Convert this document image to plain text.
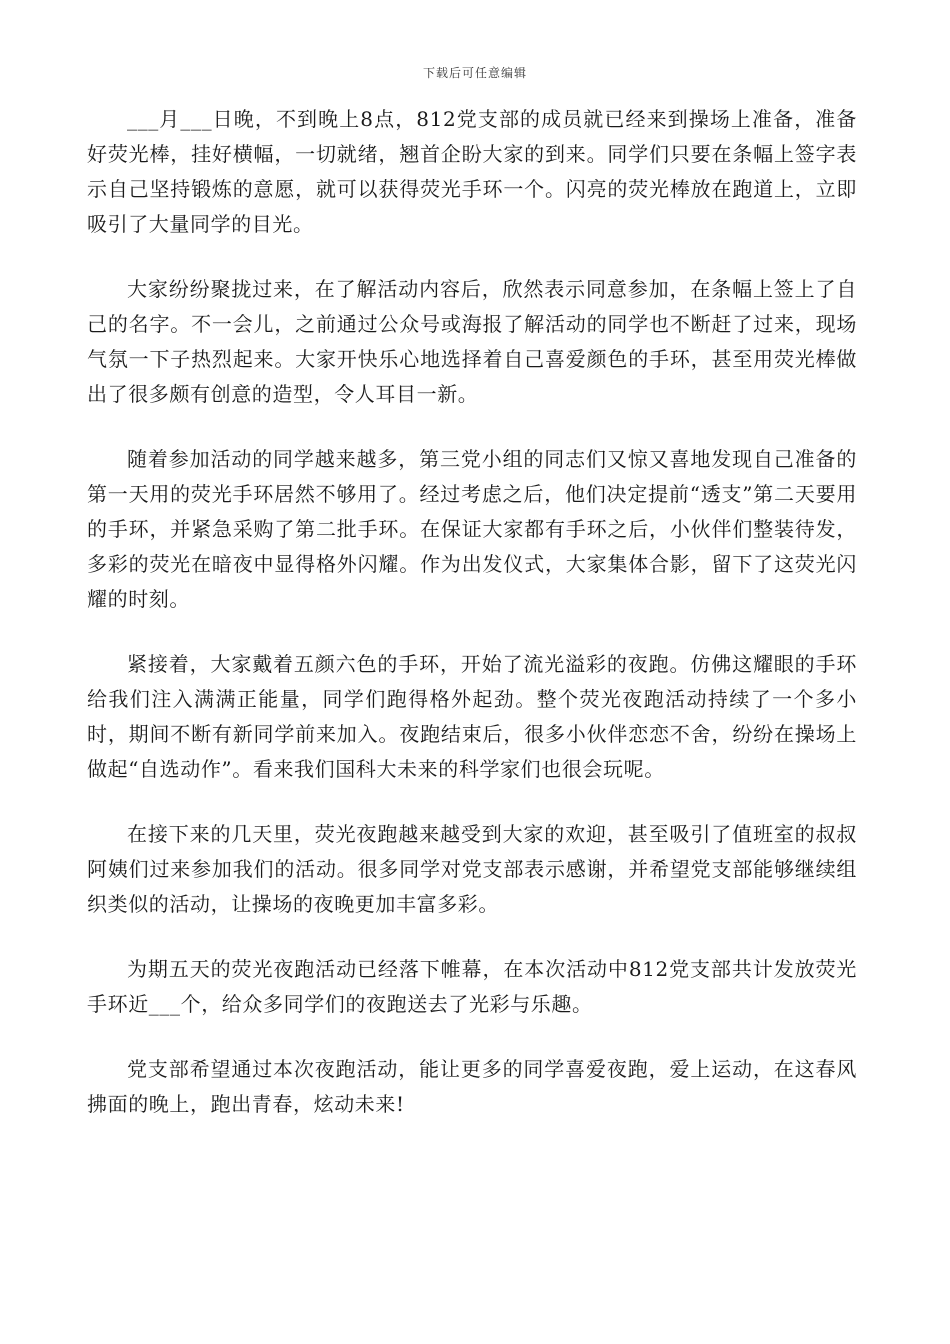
下载后可任意编辑

___月___日晚，不到晚上8点，812党支部的成员就已经来到操场上准备，准备好荧光棒，挂好横幅，一切就绪，翘首企盼大家的到来。同学们只要在条幅上签字表示自己坚持锻炼的意愿，就可以获得荧光手环一个。闪亮的荧光棒放在跑道上，立即吸引了大量同学的目光。

大家纷纷聚拢过来，在了解活动内容后，欣然表示同意参加，在条幅上签上了自己的名字。不一会儿，之前通过公众号或海报了解活动的同学也不断赶了过来，现场气氛一下子热烈起来。大家开快乐心地选择着自己喜爱颜色的手环，甚至用荧光棒做出了很多颇有创意的造型，令人耳目一新。

随着参加活动的同学越来越多，第三党小组的同志们又惊又喜地发现自己准备的第一天用的荧光手环居然不够用了。经过考虑之后，他们决定提前“透支”第二天要用的手环，并紧急采购了第二批手环。在保证大家都有手环之后，小伙伴们整装待发，多彩的荧光在暗夜中显得格外闪耀。作为出发仪式，大家集体合影，留下了这荧光闪耀的时刻。

紧接着，大家戴着五颜六色的手环，开始了流光溢彩的夜跑。仿佛这耀眼的手环给我们注入满满正能量，同学们跑得格外起劲。整个荧光夜跑活动持续了一个多小时，期间不断有新同学前来加入。夜跑结束后，很多小伙伴恋恋不舍，纷纷在操场上做起“自选动作”。看来我们国科大未来的科学家们也很会玩呢。

在接下来的几天里，荧光夜跑越来越受到大家的欢迎，甚至吸引了值班室的叔叔阿姨们过来参加我们的活动。很多同学对党支部表示感谢，并希望党支部能够继续组织类似的活动，让操场的夜晚更加丰富多彩。

为期五天的荧光夜跑活动已经落下帷幕，在本次活动中812党支部共计发放荧光手环近___个，给众多同学们的夜跑送去了光彩与乐趣。

党支部希望通过本次夜跑活动，能让更多的同学喜爱夜跑，爱上运动，在这春风拂面的晚上，跑出青春，炫动未来!
